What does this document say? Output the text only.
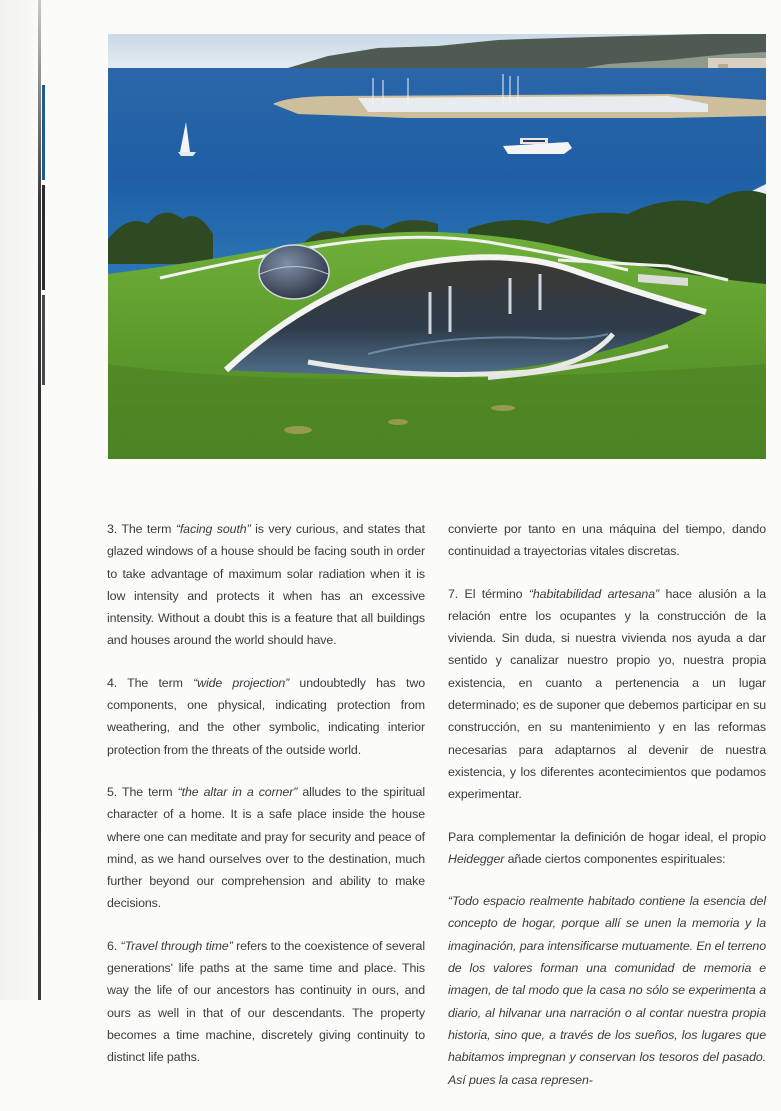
3. The term “facing south” is very curious, and states that glazed windows of a house should be facing south in order to take advantage of maximum solar radiation when it is low intensity and protects it when has an excessive intensity. Without a doubt this is a feature that all buildings and houses around the world should have.

4. The term “wide projection” undoubtedly has two components, one physical, indicating protection from weathering, and the other symbolic, indicating interior protection from the threats of the outside world.

5. The term “the altar in a corner” alludes to the spiritual character of a home. It is a safe place inside the house where one can meditate and pray for security and peace of mind, as we hand ourselves over to the destination, much further beyond our comprehension and ability to make decisions.

6. “Travel through time” refers to the coexistence of several generations' life paths at the same time and place. This way the life of our ancestors has continuity in ours, and ours as well in that of our descendants. The property becomes a time machine, discretely giving continuity to distinct life paths.

convierte por tanto en una máquina del tiempo, dando continuidad a trayectorias vitales discretas.

7. El término “habitabilidad artesana” hace alusión a la relación entre los ocupantes y la construcción de la vivienda. Sin duda, si nuestra vivienda nos ayuda a dar sentido y canalizar nuestro propio yo, nuestra propia existencia, en cuanto a pertenencia a un lugar determinado; es de suponer que debemos participar en su construcción, en su mantenimiento y en las reformas necesarias para adaptarnos al devenir de nuestra existencia, y los diferentes acontecimientos que podamos experimentar.

Para complementar la definición de hogar ideal, el propio Heidegger añade ciertos componentes espirituales:

“Todo espacio realmente habitado contiene la esencia del concepto de hogar, porque allí se unen la memoria y la imaginación, para intensificarse mutuamente. En el terreno de los valores forman una comunidad de memoria e imagen, de tal modo que la casa no sólo se experimenta a diario, al hilvanar una narración o al contar nuestra propia historia, sino que, a través de los sueños, los lugares que habitamos impregnan y conservan los tesoros del pasado. Así pues la casa represen-
